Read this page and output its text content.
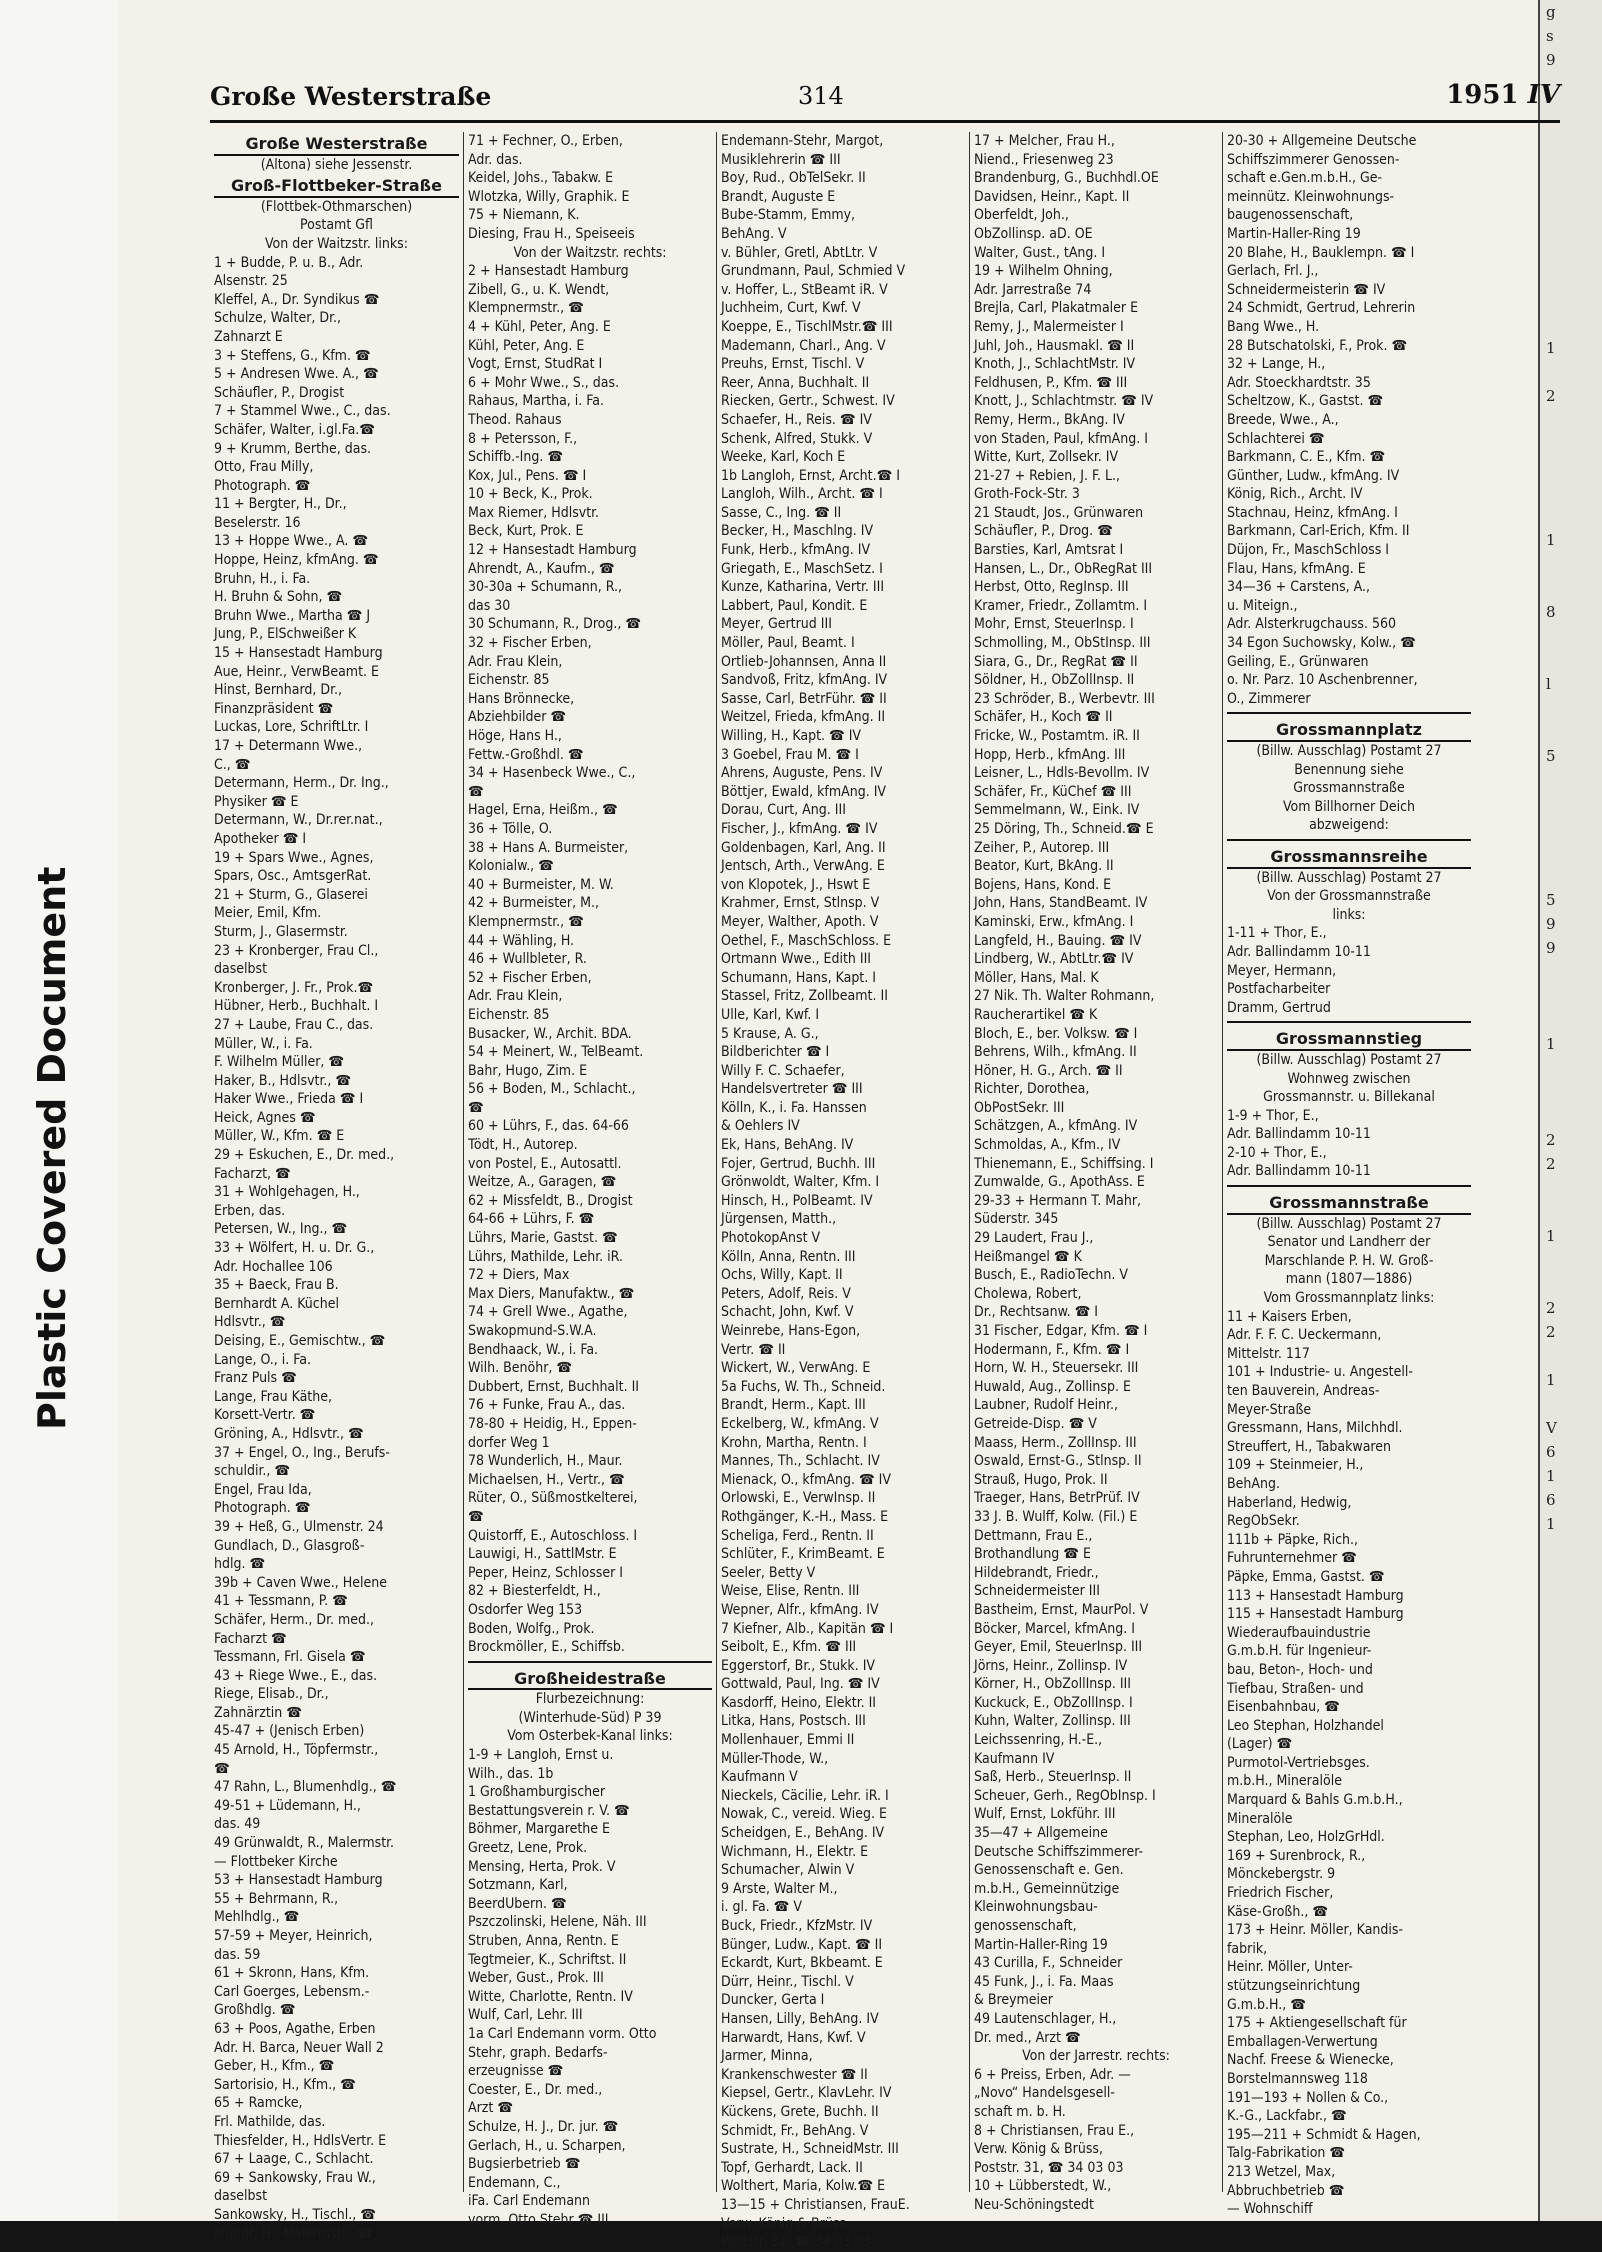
Plastic Covered Document
g
s
9

1

2

1

8

l

5

5
9
9

1

2
2

1

2
2

1

V
6
1
6
1
Große Westerstraße	314	1951 IV
Große Westerstraße
(Altona) siehe Jessenstr.
Groß-Flottbeker-Straße
(Flottbek-Othmarschen)
Postamt Gfl
Von der Waitzstr. links:
1 + Budde, P. u. B., Adr.
Alsenstr. 25
Kleffel, A., Dr. Syndikus ☎
Schulze, Walter, Dr.,
Zahnarzt E
3 + Steffens, G., Kfm. ☎
5 + Andresen Wwe. A., ☎
Schäufler, P., Drogist
7 + Stammel Wwe., C., das.
Schäfer, Walter, i.gl.Fa.☎
9 + Krumm, Berthe, das.
Otto, Frau Milly,
Photograph. ☎
11 + Bergter, H., Dr.,
Beselerstr. 16
13 + Hoppe Wwe., A. ☎
Hoppe, Heinz, kfmAng. ☎
Bruhn, H., i. Fa.
H. Bruhn & Sohn, ☎
Bruhn Wwe., Martha ☎ J
Jung, P., ElSchweißer K
15 + Hansestadt Hamburg
Aue, Heinr., VerwBeamt. E
Hinst, Bernhard, Dr.,
Finanzpräsident ☎
Luckas, Lore, SchriftLtr. I
17 + Determann Wwe.,
C., ☎
Determann, Herm., Dr. Ing.,
Physiker ☎ E
Determann, W., Dr.rer.nat.,
Apotheker ☎ I
19 + Spars Wwe., Agnes,
Spars, Osc., AmtsgerRat.
21 + Sturm, G., Glaserei
Meier, Emil, Kfm.
Sturm, J., Glasermstr.
23 + Kronberger, Frau Cl.,
daselbst
Kronberger, J. Fr., Prok.☎
Hübner, Herb., Buchhalt. I
27 + Laube, Frau C., das.
Müller, W., i. Fa.
F. Wilhelm Müller, ☎
Haker, B., Hdlsvtr., ☎
Haker Wwe., Frieda ☎ I
Heick, Agnes ☎
Müller, W., Kfm. ☎ E
29 + Eskuchen, E., Dr. med.,
Facharzt, ☎
31 + Wohlgehagen, H.,
Erben, das.
Petersen, W., Ing., ☎
33 + Wölfert, H. u. Dr. G.,
Adr. Hochallee 106
35 + Baeck, Frau B.
Bernhardt A. Küchel
Hdlsvtr., ☎
Deising, E., Gemischtw., ☎
Lange, O., i. Fa.
Franz Puls ☎
Lange, Frau Käthe,
Korsett-Vertr. ☎
Gröning, A., Hdlsvtr., ☎
37 + Engel, O., Ing., Berufs-
schuldir., ☎
Engel, Frau Ida,
Photograph. ☎
39 + Heß, G., Ulmenstr. 24
Gundlach, D., Glasgroß-
hdlg. ☎
39b + Caven Wwe., Helene
41 + Tessmann, P. ☎
Schäfer, Herm., Dr. med.,
Facharzt ☎
Tessmann, Frl. Gisela ☎
43 + Riege Wwe., E., das.
Riege, Elisab., Dr.,
Zahnärztin ☎
45-47 + (Jenisch Erben)
45 Arnold, H., Töpfermstr.,
☎
47 Rahn, L., Blumenhdlg., ☎
49-51 + Lüdemann, H.,
das. 49
49 Grünwaldt, R., Malermstr.
— Flottbeker Kirche
53 + Hansestadt Hamburg
55 + Behrmann, R.,
Mehlhdlg., ☎
57-59 + Meyer, Heinrich,
das. 59
61 + Skronn, Hans, Kfm.
Carl Goerges, Lebensm.-
Großhdlg. ☎
63 + Poos, Agathe, Erben
Adr. H. Barca, Neuer Wall 2
Geber, H., Kfm., ☎
Sartorisio, H., Kfm., ☎
65 + Ramcke,
Frl. Mathilde, das.
Thiesfelder, H., HdlsVertr. E
67 + Laage, C., Schlacht.
69 + Sankowsky, Frau W.,
daselbst
Sankowsky, H., Tischl., ☎
Mundt, H., Malermstr., ☎
71 + Fechner, O., Erben,
Adr. das.
Keidel, Johs., Tabakw. E
Wlotzka, Willy, Graphik. E
75 + Niemann, K.
Diesing, Frau H., Speiseeis
Von der Waitzstr. rechts:
2 + Hansestadt Hamburg
Zibell, G., u. K. Wendt,
Klempnermstr., ☎
4 + Kühl, Peter, Ang. E
Kühl, Peter, Ang. E
Vogt, Ernst, StudRat I
6 + Mohr Wwe., S., das.
Rahaus, Martha, i. Fa.
Theod. Rahaus
8 + Petersson, F.,
Schiffb.-Ing. ☎
Kox, Jul., Pens. ☎ I
10 + Beck, K., Prok.
Max Riemer, Hdlsvtr.
Beck, Kurt, Prok. E
12 + Hansestadt Hamburg
Ahrendt, A., Kaufm., ☎
30-30a + Schumann, R.,
das 30
30 Schumann, R., Drog., ☎
32 + Fischer Erben,
Adr. Frau Klein,
Eichenstr. 85
Hans Brönnecke,
Abziehbilder ☎
Höge, Hans H.,
Fettw.-Großhdl. ☎
34 + Hasenbeck Wwe., C.,
☎
Hagel, Erna, Heißm., ☎
36 + Tölle, O.
38 + Hans A. Burmeister,
Kolonialw., ☎
40 + Burmeister, M. W.
42 + Burmeister, M.,
Klempnermstr., ☎
44 + Wähling, H.
46 + Wullbleter, R.
52 + Fischer Erben,
Adr. Frau Klein,
Eichenstr. 85
Busacker, W., Archit. BDA.
54 + Meinert, W., TelBeamt.
Bahr, Hugo, Zim. E
56 + Boden, M., Schlacht.,
☎
60 + Lührs, F., das. 64-66
Tödt, H., Autorep.
von Postel, E., Autosattl.
Weitze, A., Garagen, ☎
62 + Missfeldt, B., Drogist
64-66 + Lührs, F. ☎
Lührs, Marie, Gastst. ☎
Lührs, Mathilde, Lehr. iR.
72 + Diers, Max
Max Diers, Manufaktw., ☎
74 + Grell Wwe., Agathe,
Swakopmund-S.W.A.
Bendhaack, W., i. Fa.
Wilh. Benöhr, ☎
Dubbert, Ernst, Buchhalt. II
76 + Funke, Frau A., das.
78-80 + Heidig, H., Eppen-
dorfer Weg 1
78 Wunderlich, H., Maur.
Michaelsen, H., Vertr., ☎
Rüter, O., Süßmostkelterei,
☎
Quistorff, E., Autoschloss. I
Lauwigi, H., SattlMstr. E
Peper, Heinz, Schlosser I
82 + Biesterfeldt, H.,
Osdorfer Weg 153
Boden, Wolfg., Prok.
Brockmöller, E., Schiffsb.
Großheidestraße
Flurbezeichnung:
(Winterhude-Süd) P 39
Vom Osterbek-Kanal links:
1-9 + Langloh, Ernst u.
Wilh., das. 1b
1 Großhamburgischer
Bestattungsverein r. V. ☎
Böhmer, Margarethe E
Greetz, Lene, Prok.
Mensing, Herta, Prok. V
Sotzmann, Karl,
BeerdUbern. ☎
Pszczolinski, Helene, Näh. III
Struben, Anna, Rentn. E
Tegtmeier, K., Schriftst. II
Weber, Gust., Prok. III
Witte, Charlotte, Rentn. IV
Wulf, Carl, Lehr. III
1a Carl Endemann vorm. Otto
Stehr, graph. Bedarfs-
erzeugnisse ☎
Coester, E., Dr. med.,
Arzt ☎
Schulze, H. J., Dr. jur. ☎
Gerlach, H., u. Scharpen,
Bugsierbetrieb ☎
Endemann, C.,
iFa. Carl Endemann
vorm. Otto Stehr ☎ III
Endemann-Stehr, Margot,
Musiklehrerin ☎ III
Boy, Rud., ObTelSekr. II
Brandt, Auguste E
Bube-Stamm, Emmy,
BehAng. V
v. Bühler, Gretl, AbtLtr. V
Grundmann, Paul, Schmied V
v. Hoffer, L., StBeamt iR. V
Juchheim, Curt, Kwf. V
Koeppe, E., TischlMstr.☎ III
Mademann, Charl., Ang. V
Preuhs, Ernst, Tischl. V
Reer, Anna, Buchhalt. II
Riecken, Gertr., Schwest. IV
Schaefer, H., Reis. ☎ IV
Schenk, Alfred, Stukk. V
Weeke, Karl, Koch E
1b Langloh, Ernst, Archt.☎ I
Langloh, Wilh., Archt. ☎ I
Sasse, C., Ing. ☎ II
Becker, H., Maschlng. IV
Funk, Herb., kfmAng. IV
Griegath, E., MaschSetz. I
Kunze, Katharina, Vertr. III
Labbert, Paul, Kondit. E
Meyer, Gertrud III
Möller, Paul, Beamt. I
Ortlieb-Johannsen, Anna II
Sandvoß, Fritz, kfmAng. IV
Sasse, Carl, BetrFühr. ☎ II
Weitzel, Frieda, kfmAng. II
Willing, H., Kapt. ☎ IV
3 Goebel, Frau M. ☎ I
Ahrens, Auguste, Pens. IV
Böttjer, Ewald, kfmAng. IV
Dorau, Curt, Ang. III
Fischer, J., kfmAng. ☎ IV
Goldenbagen, Karl, Ang. II
Jentsch, Arth., VerwAng. E
von Klopotek, J., Hswt E
Krahmer, Ernst, Stlnsp. V
Meyer, Walther, Apoth. V
Oethel, F., MaschSchloss. E
Ortmann Wwe., Edith III
Schumann, Hans, Kapt. I
Stassel, Fritz, Zollbeamt. II
Ulle, Karl, Kwf. I
5 Krause, A. G.,
Bildberichter ☎ I
Willy F. C. Schaefer,
Handelsvertreter ☎ III
Kölln, K., i. Fa. Hanssen
& Oehlers IV
Ek, Hans, BehAng. IV
Fojer, Gertrud, Buchh. III
Grönwoldt, Walter, Kfm. I
Hinsch, H., PolBeamt. IV
Jürgensen, Matth.,
PhotokopAnst V
Kölln, Anna, Rentn. III
Ochs, Willy, Kapt. II
Peters, Adolf, Reis. V
Schacht, John, Kwf. V
Weinrebe, Hans-Egon,
Vertr. ☎ II
Wickert, W., VerwAng. E
5a Fuchs, W. Th., Schneid.
Brandt, Herm., Kapt. III
Eckelberg, W., kfmAng. V
Krohn, Martha, Rentn. I
Mannes, Th., Schlacht. IV
Mienack, O., kfmAng. ☎ IV
Orlowski, E., VerwInsp. II
Rothgänger, K.-H., Mass. E
Scheliga, Ferd., Rentn. II
Schlüter, F., KrimBeamt. E
Seeler, Betty V
Weise, Elise, Rentn. III
Wepner, Alfr., kfmAng. IV
7 Kiefner, Alb., Kapitän ☎ I
Seibolt, E., Kfm. ☎ III
Eggerstorf, Br., Stukk. IV
Gottwald, Paul, Ing. ☎ IV
Kasdorff, Heino, Elektr. II
Litka, Hans, Postsch. III
Mollenhauer, Emmi II
Müller-Thode, W.,
Kaufmann V
Nieckels, Cäcilie, Lehr. iR. I
Nowak, C., vereid. Wieg. E
Scheidgen, E., BehAng. IV
Wichmann, H., Elektr. E
Schumacher, Alwin V
9 Arste, Walter M.,
i. gl. Fa. ☎ V
Buck, Friedr., KfzMstr. IV
Bünger, Ludw., Kapt. ☎ II
Eckardt, Kurt, Bkbeamt. E
Dürr, Heinr., Tischl. V
Duncker, Gerta I
Hansen, Lilly, BehAng. IV
Harwardt, Hans, Kwf. V
Jarmer, Minna,
Krankenschwester ☎ II
Kiepsel, Gertr., KlavLehr. IV
Kückens, Grete, Buchh. II
Schmidt, Fr., BehAng. V
Sustrate, H., SchneidMstr. III
Topf, Gerhardt, Lack. II
Wolthert, Maria, Kolw.☎ E
13—15 + Christiansen, FrauE.
Verw. König & Brüss,
Poststr. 31, ☎ 34 03 03
17 + Melcher, Frau H.,
Niend., Friesenweg 23
Brandenburg, G., Buchhdl.OE
Davidsen, Heinr., Kapt. II
Oberfeldt, Joh.,
ObZollinsp. aD. OE
Walter, Gust., tAng. I
19 + Wilhelm Ohning,
Adr. Jarrestraße 74
Brejla, Carl, Plakatmaler E
Remy, J., Malermeister I
Juhl, Joh., Hausmakl. ☎ II
Knoth, J., SchlachtMstr. IV
Feldhusen, P., Kfm. ☎ III
Knott, J., Schlachtmstr. ☎ IV
Remy, Herm., BkAng. IV
von Staden, Paul, kfmAng. I
Witte, Kurt, Zollsekr. IV
21-27 + Rebien, J. F. L.,
Groth-Fock-Str. 3
21 Staudt, Jos., Grünwaren
Schäufler, P., Drog. ☎
Barsties, Karl, Amtsrat I
Hansen, L., Dr., ObRegRat III
Herbst, Otto, RegInsp. III
Kramer, Friedr., Zollamtm. I
Mohr, Ernst, SteuerInsp. I
Schmolling, M., ObStInsp. III
Siara, G., Dr., RegRat ☎ II
Söldner, H., ObZollInsp. II
23 Schröder, B., Werbevtr. III
Schäfer, H., Koch ☎ II
Fricke, W., Postamtm. iR. II
Hopp, Herb., kfmAng. III
Leisner, L., Hdls-Bevollm. IV
Schäfer, Fr., KüChef ☎ III
Semmelmann, W., Eink. IV
25 Döring, Th., Schneid.☎ E
Zeiher, P., Autorep. III
Beator, Kurt, BkAng. II
Bojens, Hans, Kond. E
John, Hans, StandBeamt. IV
Kaminski, Erw., kfmAng. I
Langfeld, H., Bauing. ☎ IV
Lindberg, W., AbtLtr.☎ IV
Möller, Hans, Mal. K
27 Nik. Th. Walter Rohmann,
Raucherartikel ☎ K
Bloch, E., ber. Volksw. ☎ I
Behrens, Wilh., kfmAng. II
Höner, H. G., Arch. ☎ II
Richter, Dorothea,
ObPostSekr. III
Schätzgen, A., kfmAng. IV
Schmoldas, A., Kfm., IV
Thienemann, E., Schiffsing. I
Zumwalde, G., ApothAss. E
29-33 + Hermann T. Mahr,
Süderstr. 345
29 Laudert, Frau J.,
Heißmangel ☎ K
Busch, E., RadioTechn. V
Cholewa, Robert,
Dr., Rechtsanw. ☎ I
31 Fischer, Edgar, Kfm. ☎ I
Hodermann, F., Kfm. ☎ I
Horn, W. H., Steuersekr. III
Huwald, Aug., Zollinsp. E
Laubner, Rudolf Heinr.,
Getreide-Disp. ☎ V
Maass, Herm., ZollInsp. III
Oswald, Ernst-G., Stlnsp. II
Strauß, Hugo, Prok. II
Traeger, Hans, BetrPrüf. IV
33 J. B. Wulff, Kolw. (Fil.) E
Dettmann, Frau E.,
Brothandlung ☎ E
Hildebrandt, Friedr.,
Schneidermeister III
Bastheim, Ernst, MaurPol. V
Böcker, Marcel, kfmAng. I
Geyer, Emil, SteuerInsp. III
Jörns, Heinr., Zollinsp. IV
Körner, H., ObZollInsp. III
Kuckuck, E., ObZollInsp. I
Kuhn, Walter, Zollinsp. III
Leichssenring, H.-E.,
Kaufmann IV
Saß, Herb., SteuerInsp. II
Scheuer, Gerh., RegObInsp. I
Wulf, Ernst, Lokführ. III
35—47 + Allgemeine
Deutsche Schiffszimmerer-
Genossenschaft e. Gen.
m.b.H., Gemeinnützige
Kleinwohnungsbau-
genossenschaft,
Martin-Haller-Ring 19
43 Curilla, F., Schneider
45 Funk, J., i. Fa. Maas
& Breymeier
49 Lautenschlager, H.,
Dr. med., Arzt ☎
Von der Jarrestr. rechts:
6 + Preiss, Erben, Adr. —
„Novo“ Handelsgesell-
schaft m. b. H.
8 + Christiansen, Frau E.,
Verw. König & Brüss,
Poststr. 31, ☎ 34 03 03
10 + Lübberstedt, W.,
Neu-Schöningstedt
20-30 + Allgemeine Deutsche
Schiffszimmerer Genossen-
schaft e.Gen.m.b.H., Ge-
meinnütz. Kleinwohnungs-
baugenossenschaft,
Martin-Haller-Ring 19
20 Blahe, H., Bauklempn. ☎ I
Gerlach, Frl. J.,
Schneidermeisterin ☎ IV
24 Schmidt, Gertrud, Lehrerin
Bang Wwe., H.
28 Butschatolski, F., Prok. ☎
32 + Lange, H.,
Adr. Stoeckhardtstr. 35
Scheltzow, K., Gastst. ☎
Breede, Wwe., A.,
Schlachterei ☎
Barkmann, C. E., Kfm. ☎
Günther, Ludw., kfmAng. IV
König, Rich., Archt. IV
Stachnau, Heinz, kfmAng. I
Barkmann, Carl-Erich, Kfm. II
Düjon, Fr., MaschSchloss I
Flau, Hans, kfmAng. E
34—36 + Carstens, A.,
u. Miteign.,
Adr. Alsterkrugchauss. 560
34 Egon Suchowsky, Kolw., ☎
Geiling, E., Grünwaren
o. Nr. Parz. 10 Aschenbrenner,
O., Zimmerer
Grossmannplatz
(Billw. Ausschlag) Postamt 27
Benennung siehe
Grossmannstraße
Vom Billhorner Deich
abzweigend:
Grossmannsreihe
(Billw. Ausschlag) Postamt 27
Von der Grossmannstraße
links:
1-11 + Thor, E.,
Adr. Ballindamm 10-11
Meyer, Hermann,
Postfacharbeiter
Dramm, Gertrud
Grossmannstieg
(Billw. Ausschlag) Postamt 27
Wohnweg zwischen
Grossmannstr. u. Billekanal
1-9 + Thor, E.,
Adr. Ballindamm 10-11
2-10 + Thor, E.,
Adr. Ballindamm 10-11
Grossmannstraße
(Billw. Ausschlag) Postamt 27
Senator und Landherr der
Marschlande P. H. W. Groß-
mann (1807—1886)
Vom Grossmannplatz links:
11 + Kaisers Erben,
Adr. F. F. C. Ueckermann,
Mittelstr. 117
101 + Industrie- u. Angestell-
ten Bauverein, Andreas-
Meyer-Straße
Gressmann, Hans, Milchhdl.
Streuffert, H., Tabakwaren
109 + Steinmeier, H.,
BehAng.
Haberland, Hedwig,
RegObSekr.
111b + Päpke, Rich.,
Fuhrunternehmer ☎
Päpke, Emma, Gastst. ☎
113 + Hansestadt Hamburg
115 + Hansestadt Hamburg
Wiederaufbauindustrie
G.m.b.H. für Ingenieur-
bau, Beton-, Hoch- und
Tiefbau, Straßen- und
Eisenbahnbau, ☎
Leo Stephan, Holzhandel
(Lager) ☎
Purmotol-Vertriebsges.
m.b.H., Mineralöle
Marquard & Bahls G.m.b.H.,
Mineralöle
Stephan, Leo, HolzGrHdl.
169 + Surenbrock, R.,
Mönckebergstr. 9
Friedrich Fischer,
Käse-Großh., ☎
173 + Heinr. Möller, Kandis-
fabrik,
Heinr. Möller, Unter-
stützungseinrichtung
G.m.b.H., ☎
175 + Aktiengesellschaft für
Emballagen-Verwertung
Nachf. Freese & Wienecke,
Borstelmannsweg 118
191—193 + Nollen & Co.,
K.-G., Lackfabr., ☎
195—211 + Schmidt & Hagen,
Talg-Fabrikation ☎
213 Wetzel, Max,
Abbruchbetrieb ☎
— Wohnschiff
